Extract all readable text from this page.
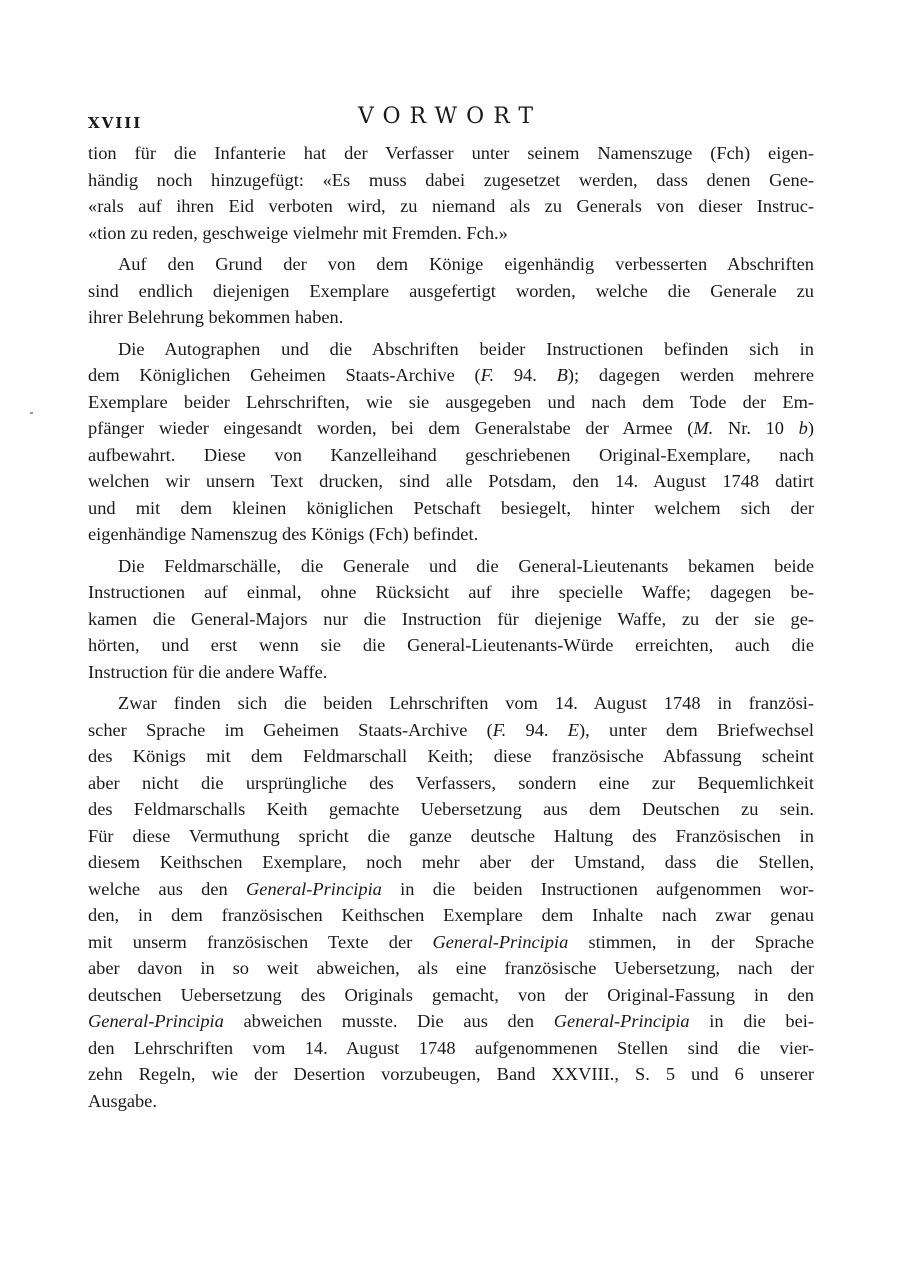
XVIII	VORWORT
tion für die Infanterie hat der Verfasser unter seinem Namenszuge (Fch) eigen-
händig noch hinzugefügt: «Es muss dabei zugesetzet werden, dass denen Gene-
«rals auf ihren Eid verboten wird, zu niemand als zu Generals von dieser Instruc-
«tion zu reden, geschweige vielmehr mit Fremden. Fch.»
Auf den Grund der von dem Könige eigenhändig verbesserten Abschriften
sind endlich diejenigen Exemplare ausgefertigt worden, welche die Generale zu
ihrer Belehrung bekommen haben.
Die Autographen und die Abschriften beider Instructionen befinden sich in
dem Königlichen Geheimen Staats-Archive (F. 94. B); dagegen werden mehrere
Exemplare beider Lehrschriften, wie sie ausgegeben und nach dem Tode der Em-
pfänger wieder eingesandt worden, bei dem Generalstabe der Armee (M. Nr. 10 b)
aufbewahrt. Diese von Kanzelleihand geschriebenen Original-Exemplare, nach
welchen wir unsern Text drucken, sind alle Potsdam, den 14. August 1748 datirt
und mit dem kleinen königlichen Petschaft besiegelt, hinter welchem sich der
eigenhändige Namenszug des Königs (Fch) befindet.
Die Feldmarschälle, die Generale und die General-Lieutenants bekamen beide
Instructionen auf einmal, ohne Rücksicht auf ihre specielle Waffe; dagegen be-
kamen die General-Majors nur die Instruction für diejenige Waffe, zu der sie ge-
hörten, und erst wenn sie die General-Lieutenants-Würde erreichten, auch die
Instruction für die andere Waffe.
Zwar finden sich die beiden Lehrschriften vom 14. August 1748 in französi-
scher Sprache im Geheimen Staats-Archive (F. 94. E), unter dem Briefwechsel
des Königs mit dem Feldmarschall Keith; diese französische Abfassung scheint
aber nicht die ursprüngliche des Verfassers, sondern eine zur Bequemlichkeit
des Feldmarschalls Keith gemachte Uebersetzung aus dem Deutschen zu sein.
Für diese Vermuthung spricht die ganze deutsche Haltung des Französischen in
diesem Keithschen Exemplare, noch mehr aber der Umstand, dass die Stellen,
welche aus den General-Principia in die beiden Instructionen aufgenommen wor-
den, in dem französischen Keithschen Exemplare dem Inhalte nach zwar genau
mit unserm französischen Texte der General-Principia stimmen, in der Sprache
aber davon in so weit abweichen, als eine französische Uebersetzung, nach der
deutschen Uebersetzung des Originals gemacht, von der Original-Fassung in den
General-Principia abweichen musste. Die aus den General-Principia in die bei-
den Lehrschriften vom 14. August 1748 aufgenommenen Stellen sind die vier-
zehn Regeln, wie der Desertion vorzubeugen, Band XXVIII., S. 5 und 6 unserer
Ausgabe.
